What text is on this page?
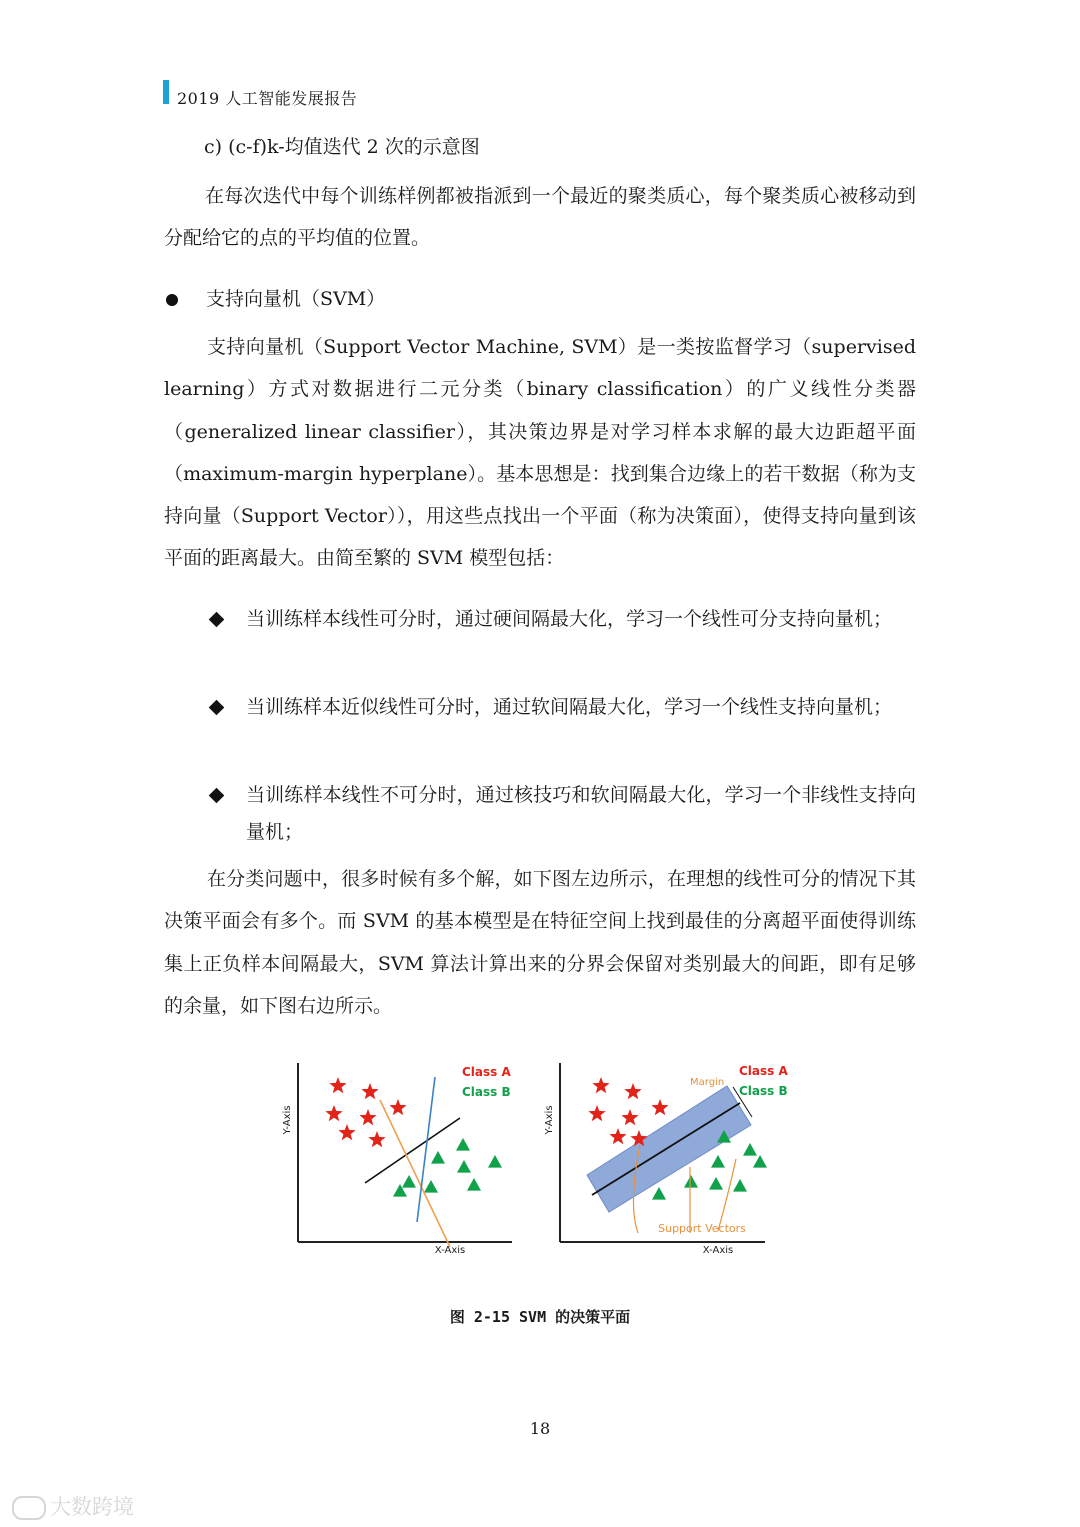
2019 人工智能发展报告
c) (c-f)k-均值迭代 2 次的示意图
在每次迭代中每个训练样例都被指派到一个最近的聚类质心，每个聚类质心被移动到分配给它的点的平均值的位置。
支持向量机（SVM）
支持向量机（Support Vector Machine, SVM）是一类按监督学习（supervised learning）方式对数据进行二元分类（binary classification）的广义线性分类器（generalized linear classifier），其决策边界是对学习样本求解的最大边距超平面（maximum-margin hyperplane）。基本思想是：找到集合边缘上的若干数据（称为支持向量（Support Vector）），用这些点找出一个平面（称为决策面），使得支持向量到该平面的距离最大。由简至繁的 SVM 模型包括：
当训练样本线性可分时，通过硬间隔最大化，学习一个线性可分支持向量机；
当训练样本近似线性可分时，通过软间隔最大化，学习一个线性支持向量机；
当训练样本线性不可分时，通过核技巧和软间隔最大化，学习一个非线性支持向量机；
在分类问题中，很多时候有多个解，如下图左边所示，在理想的线性可分的情况下其决策平面会有多个。而 SVM 的基本模型是在特征空间上找到最佳的分离超平面使得训练集上正负样本间隔最大，SVM 算法计算出来的分界会保留对类别最大的间距，即有足够的余量，如下图右边所示。
X-Axis
Y-Axis
Class A
Class B
X-Axis
Y-Axis
Margin
Support Vectors
Class A
Class B
图 2-15 SVM 的决策平面
18
大数跨境
